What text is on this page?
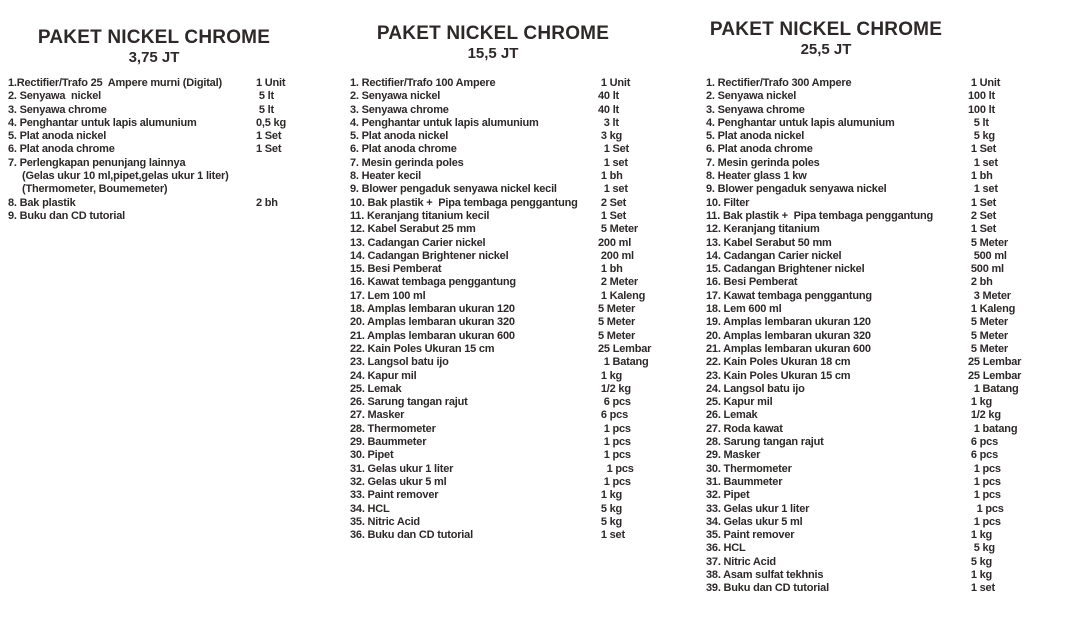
PAKET NICKEL CHROME
3,75 JT
1.Rectifier/Trafo 25  Ampere murni (Digital)	1 Unit
2. Senyawa  nickel	5 lt
3. Senyawa chrome	5 lt
4. Penghantar untuk lapis alumunium	0,5 kg
5. Plat anoda nickel	1 Set
6. Plat anoda chrome	1 Set
7. Perlengkapan penunjang lainnya
(Gelas ukur 10 ml,pipet,gelas ukur 1 liter)
(Thermometer, Boumemeter)
8. Bak plastik	2 bh
9. Buku dan CD tutorial
PAKET NICKEL CHROME
15,5 JT
1. Rectifier/Trafo 100 Ampere	1 Unit
2. Senyawa nickel	40 lt
3. Senyawa chrome	40 lt
4. Penghantar untuk lapis alumunium	3 lt
5. Plat anoda nickel	3 kg
6. Plat anoda chrome	1 Set
7. Mesin gerinda poles	1 set
8. Heater kecil	1 bh
9. Blower pengaduk senyawa nickel kecil	1 set
10. Bak plastik +  Pipa tembaga penggantung	2 Set
11. Keranjang titanium kecil	1 Set
12. Kabel Serabut 25 mm	5 Meter
13. Cadangan Carier nickel	200 ml
14. Cadangan Brightener nickel	200 ml
15. Besi Pemberat	1 bh
16. Kawat tembaga penggantung	2 Meter
17. Lem 100 ml	1 Kaleng
18. Amplas lembaran ukuran 120	5 Meter
20. Amplas lembaran ukuran 320	5 Meter
21. Amplas lembaran ukuran 600	5 Meter
22. Kain Poles Ukuran 15 cm	25 Lembar
23. Langsol batu ijo	1 Batang
24. Kapur mil	1 kg
25. Lemak	1/2 kg
26. Sarung tangan rajut	6 pcs
27. Masker	6 pcs
28. Thermometer	1 pcs
29. Baummeter	1 pcs
30. Pipet	1 pcs
31. Gelas ukur 1 liter	1 pcs
32. Gelas ukur 5 ml	1 pcs
33. Paint remover	1 kg
34. HCL	5 kg
35. Nitric Acid	5 kg
36. Buku dan CD tutorial	1 set
PAKET NICKEL CHROME
25,5 JT
1. Rectifier/Trafo 300 Ampere	1 Unit
2. Senyawa nickel	100 lt
3. Senyawa chrome	100 lt
4. Penghantar untuk lapis alumunium	5 lt
5. Plat anoda nickel	5 kg
6. Plat anoda chrome	1 Set
7. Mesin gerinda poles	1 set
8. Heater glass 1 kw	1 bh
9. Blower pengaduk senyawa nickel	1 set
10. Filter	1 Set
11. Bak plastik +  Pipa tembaga penggantung	2 Set
12. Keranjang titanium	1 Set
13. Kabel Serabut 50 mm	5 Meter
14. Cadangan Carier nickel	500 ml
15. Cadangan Brightener nickel	500 ml
16. Besi Pemberat	2 bh
17. Kawat tembaga penggantung	3 Meter
18. Lem 600 ml	1 Kaleng
19. Amplas lembaran ukuran 120	5 Meter
20. Amplas lembaran ukuran 320	5 Meter
21. Amplas lembaran ukuran 600	5 Meter
22. Kain Poles Ukuran 18 cm	25 Lembar
23. Kain Poles Ukuran 15 cm	25 Lembar
24. Langsol batu ijo	1 Batang
25. Kapur mil	1 kg
26. Lemak	1/2 kg
27. Roda kawat	1 batang
28. Sarung tangan rajut	6 pcs
29. Masker	6 pcs
30. Thermometer	1 pcs
31. Baummeter	1 pcs
32. Pipet	1 pcs
33. Gelas ukur 1 liter	1 pcs
34. Gelas ukur 5 ml	1 pcs
35. Paint remover	1 kg
36. HCL	5 kg
37. Nitric Acid	5 kg
38. Asam sulfat tekhnis	1 kg
39. Buku dan CD tutorial	1 set
